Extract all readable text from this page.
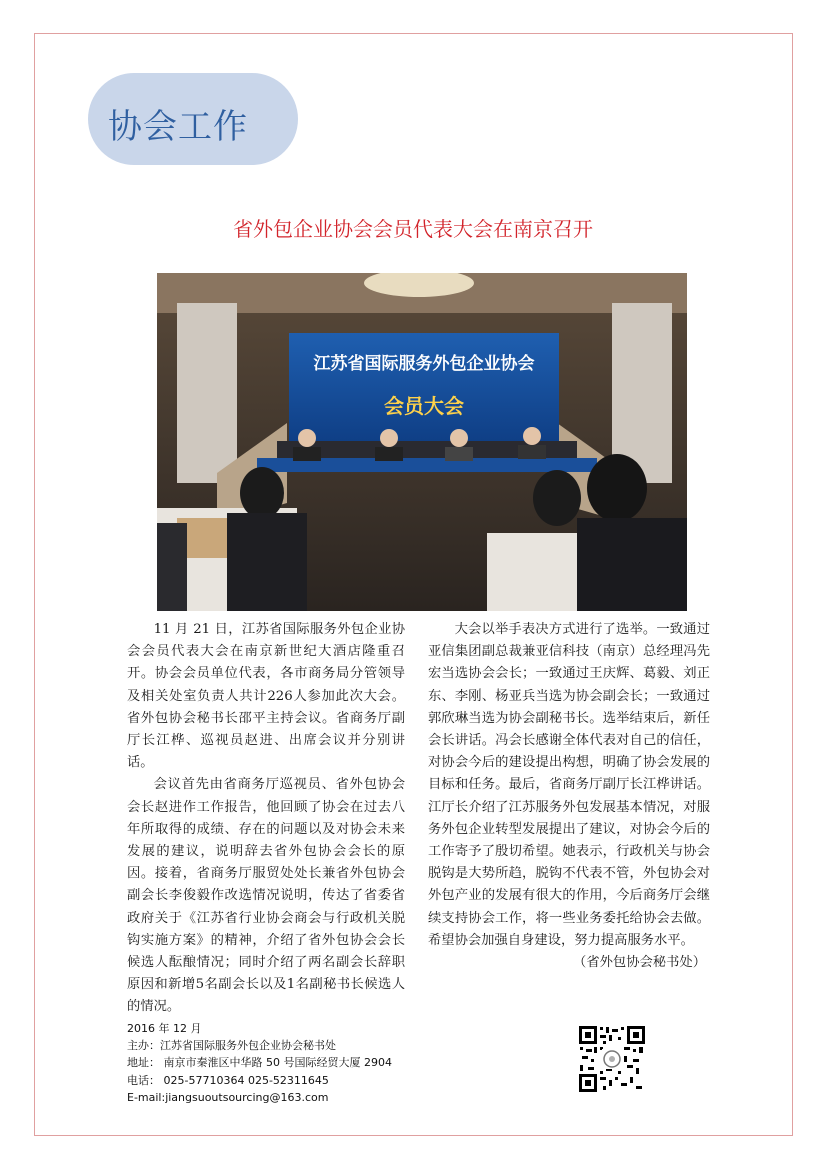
协会工作
省外包企业协会会员代表大会在南京召开
江苏省国际服务外包企业协会
会员大会

11 月 21 日，江苏省国际服务外包企业协会会员代表大会在南京新世纪大酒店隆重召开。协会会员单位代表，各市商务局分管领导及相关处室负责人共计226人参加此次大会。省外包协会秘书长邵平主持会议。省商务厅副厅长江桦、巡视员赵进、出席会议并分别讲话。

会议首先由省商务厅巡视员、省外包协会会长赵进作工作报告，他回顾了协会在过去八年所取得的成绩、存在的问题以及对协会未来发展的建议，说明辞去省外包协会会长的原因。接着，省商务厅服贸处处长兼省外包协会副会长李俊毅作改选情况说明，传达了省委省政府关于《江苏省行业协会商会与行政机关脱钩实施方案》的精神，介绍了省外包协会会长候选人酝酿情况；同时介绍了两名副会长辞职原因和新增5名副会长以及1名副秘书长候选人的情况。

大会以举手表决方式进行了选举。一致通过亚信集团副总裁兼亚信科技（南京）总经理冯先宏当选协会会长；一致通过王庆辉、葛毅、刘正东、李刚、杨亚兵当选为协会副会长；一致通过郭欣琳当选为协会副秘书长。选举结束后，新任会长讲话。冯会长感谢全体代表对自己的信任，对协会今后的建设提出构想，明确了协会发展的目标和任务。最后，省商务厅副厅长江桦讲话。江厅长介绍了江苏服务外包发展基本情况，对服务外包企业转型发展提出了建议，对协会今后的工作寄予了殷切希望。她表示，行政机关与协会脱钩是大势所趋，脱钩不代表不管，外包协会对外包产业的发展有很大的作用，今后商务厅会继续支持协会工作，将一些业务委托给协会去做。希望协会加强自身建设，努力提高服务水平。

（省外包协会秘书处）

2016 年 12 月
主办：江苏省国际服务外包企业协会秘书处
地址： 南京市秦淮区中华路 50 号国际经贸大厦 2904
电话： 025-57710364 025-52311645
E-mail:jiangsuoutsourcing@163.com
